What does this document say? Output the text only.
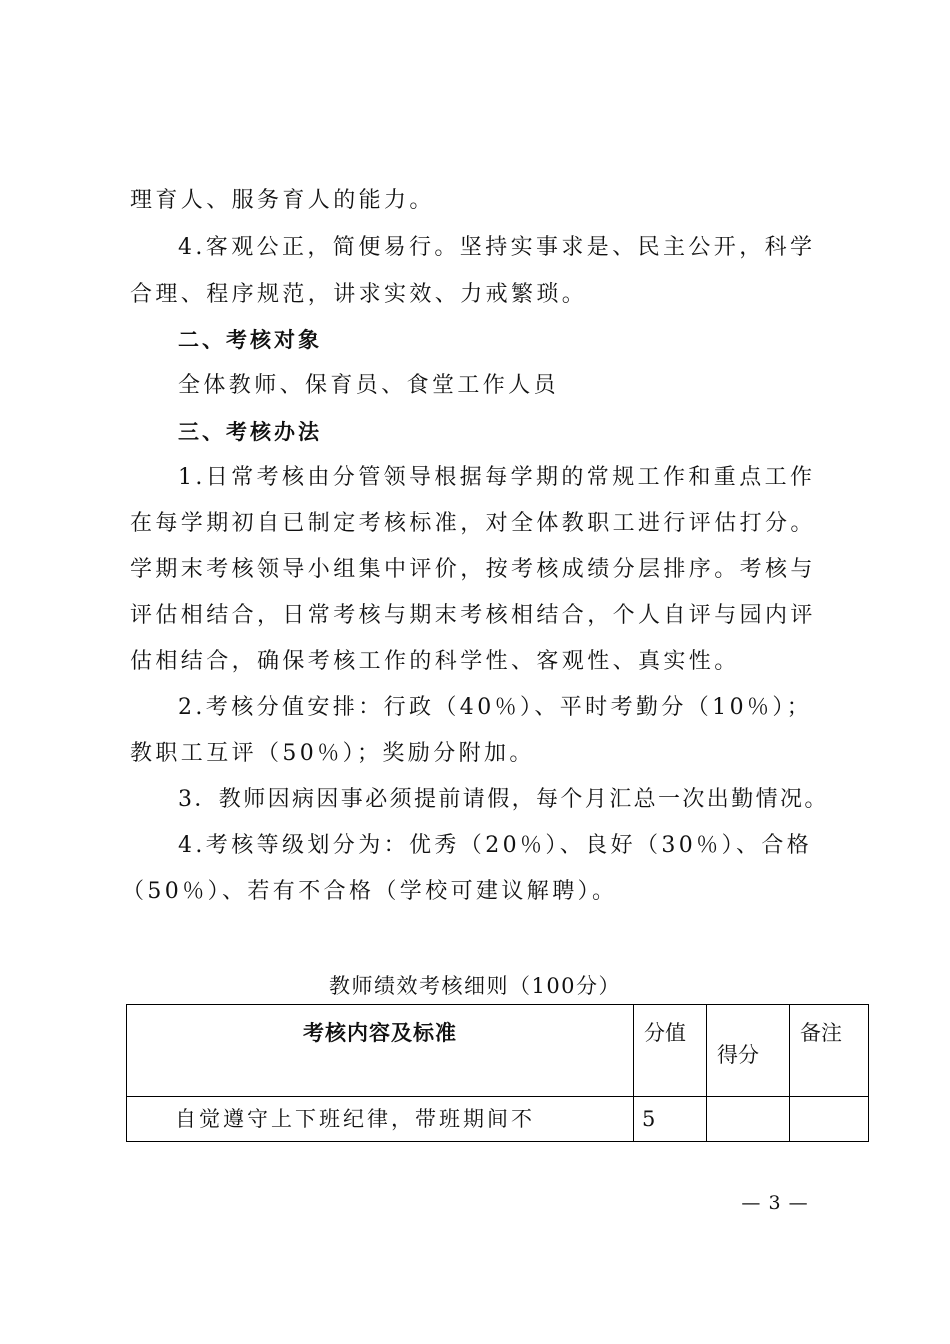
理育人、服务育人的能力。
4.客观公正，简便易行。坚持实事求是、民主公开，科学
合理、程序规范，讲求实效、力戒繁琐。
二、考核对象
全体教师、保育员、食堂工作人员
三、考核办法
1.日常考核由分管领导根据每学期的常规工作和重点工作
在每学期初自已制定考核标准，对全体教职工进行评估打分。
学期末考核领导小组集中评价，按考核成绩分层排序。考核与
评估相结合，日常考核与期末考核相结合，个人自评与园内评
估相结合，确保考核工作的科学性、客观性、真实性。
2.考核分值安排：行政（40％）、平时考勤分（10％）；
教职工互评（50％）；奖励分附加。
3．教师因病因事必须提前请假，每个月汇总一次出勤情况。
4.考核等级划分为：优秀（20％）、良好（30％）、合格
（50％）、若有不合格（学校可建议解聘）。
教师绩效考核细则（100分）
考核内容及标准	分值	得分	备注
自觉遵守上下班纪律，带班期间不	5		
— 3 —
